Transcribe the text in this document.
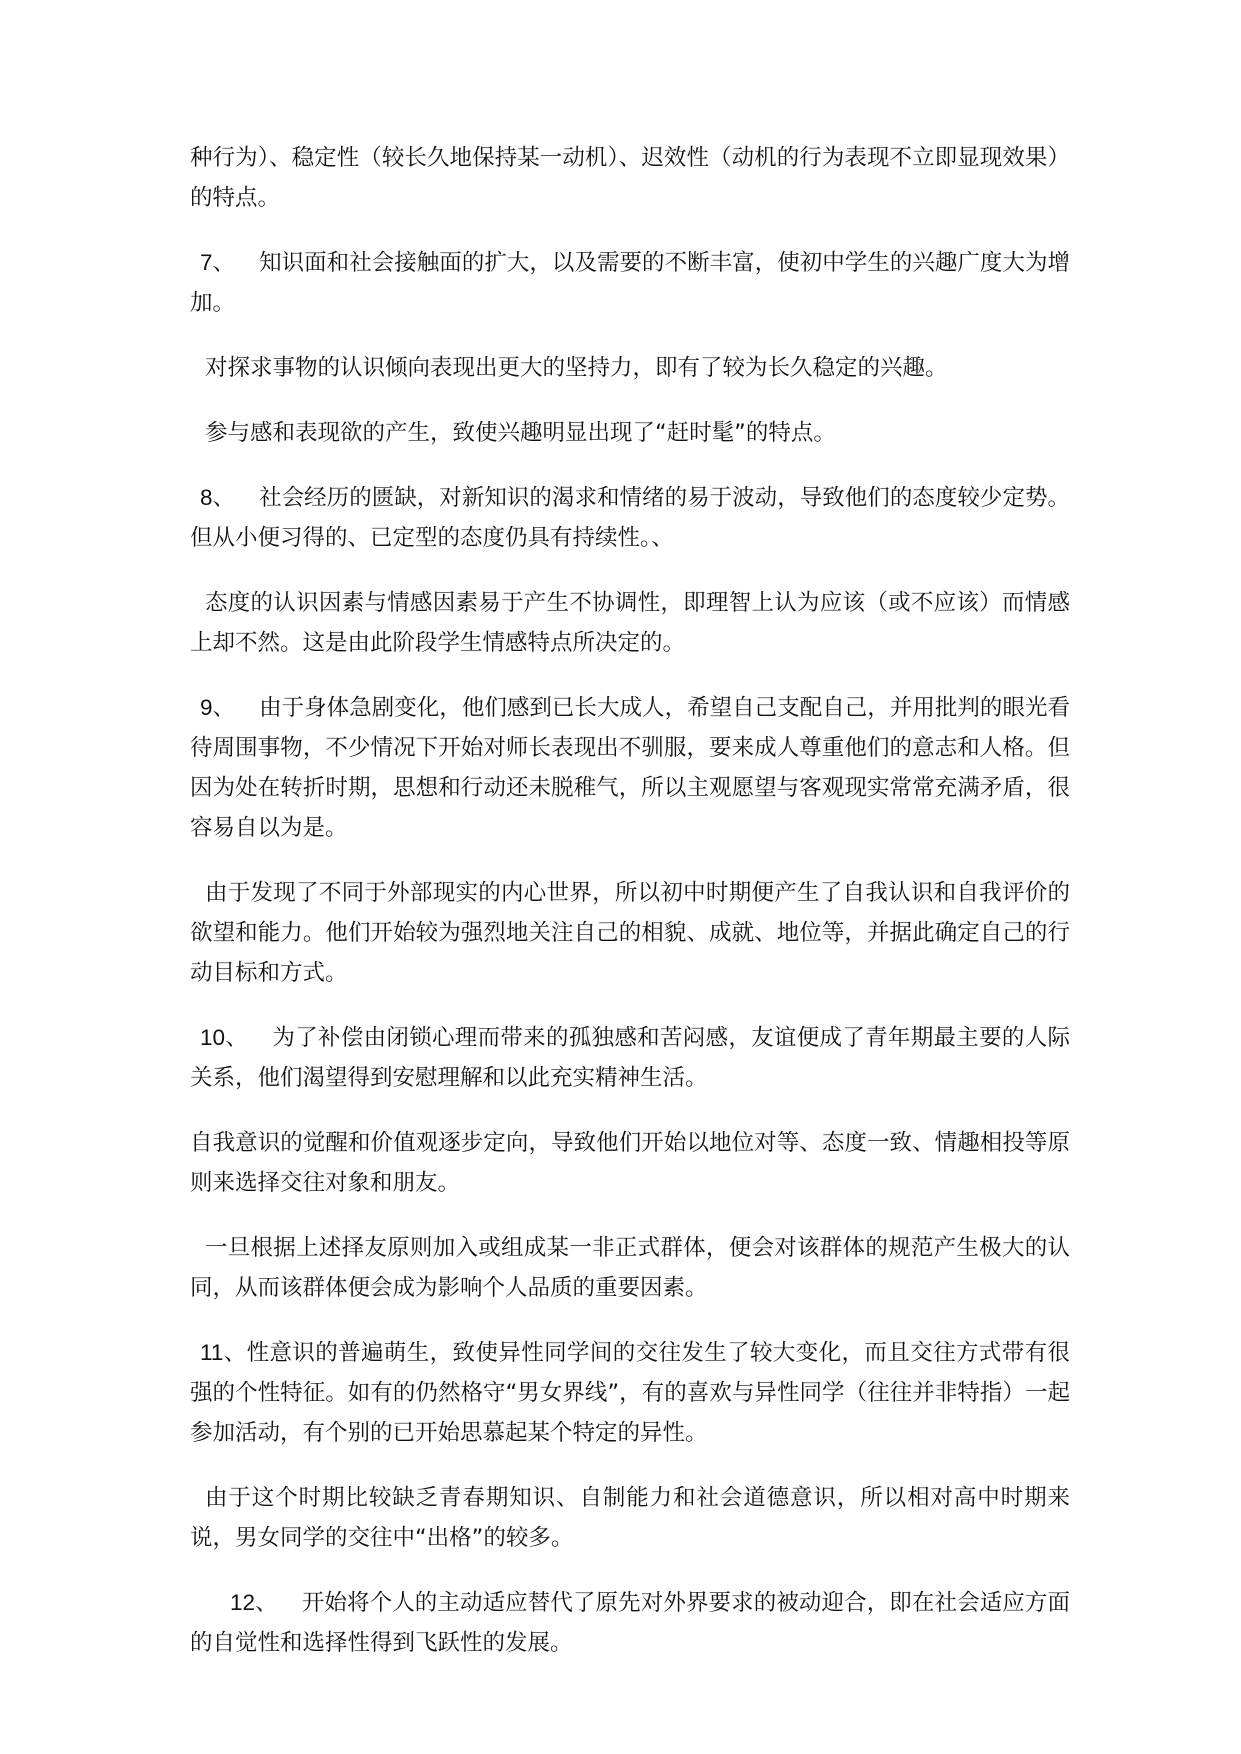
种行为）、稳定性（较长久地保持某一动机）、迟效性（动机的行为表现不立即显现效果）的特点。

7、 知识面和社会接触面的扩大，以及需要的不断丰富，使初中学生的兴趣广度大为增加。

对探求事物的认识倾向表现出更大的坚持力，即有了较为长久稳定的兴趣。

参与感和表现欲的产生，致使兴趣明显出现了“赶时髦”的特点。

8、 社会经历的匮缺，对新知识的渴求和情绪的易于波动，导致他们的态度较少定势。但从小便习得的、已定型的态度仍具有持续性。、

态度的认识因素与情感因素易于产生不协调性，即理智上认为应该（或不应该）而情感上却不然。这是由此阶段学生情感特点所决定的。

9、 由于身体急剧变化，他们感到已长大成人，希望自己支配自己，并用批判的眼光看待周围事物，不少情况下开始对师长表现出不驯服，要来成人尊重他们的意志和人格。但因为处在转折时期，思想和行动还未脱稚气，所以主观愿望与客观现实常常充满矛盾，很容易自以为是。

由于发现了不同于外部现实的内心世界，所以初中时期便产生了自我认识和自我评价的欲望和能力。他们开始较为强烈地关注自己的相貌、成就、地位等，并据此确定自己的行动目标和方式。

10、 为了补偿由闭锁心理而带来的孤独感和苦闷感，友谊便成了青年期最主要的人际关系，他们渴望得到安慰理解和以此充实精神生活。

自我意识的觉醒和价值观逐步定向，导致他们开始以地位对等、态度一致、情趣相投等原则来选择交往对象和朋友。

一旦根据上述择友原则加入或组成某一非正式群体，便会对该群体的规范产生极大的认同，从而该群体便会成为影响个人品质的重要因素。

11、性意识的普遍萌生，致使异性同学间的交往发生了较大变化，而且交往方式带有很强的个性特征。如有的仍然格守“男女界线”，有的喜欢与异性同学（往往并非特指）一起参加活动，有个别的已开始思慕起某个特定的异性。

由于这个时期比较缺乏青春期知识、自制能力和社会道德意识，所以相对高中时期来说，男女同学的交往中“出格”的较多。

12、 开始将个人的主动适应替代了原先对外界要求的被动迎合，即在社会适应方面的自觉性和选择性得到飞跃性的发展。
